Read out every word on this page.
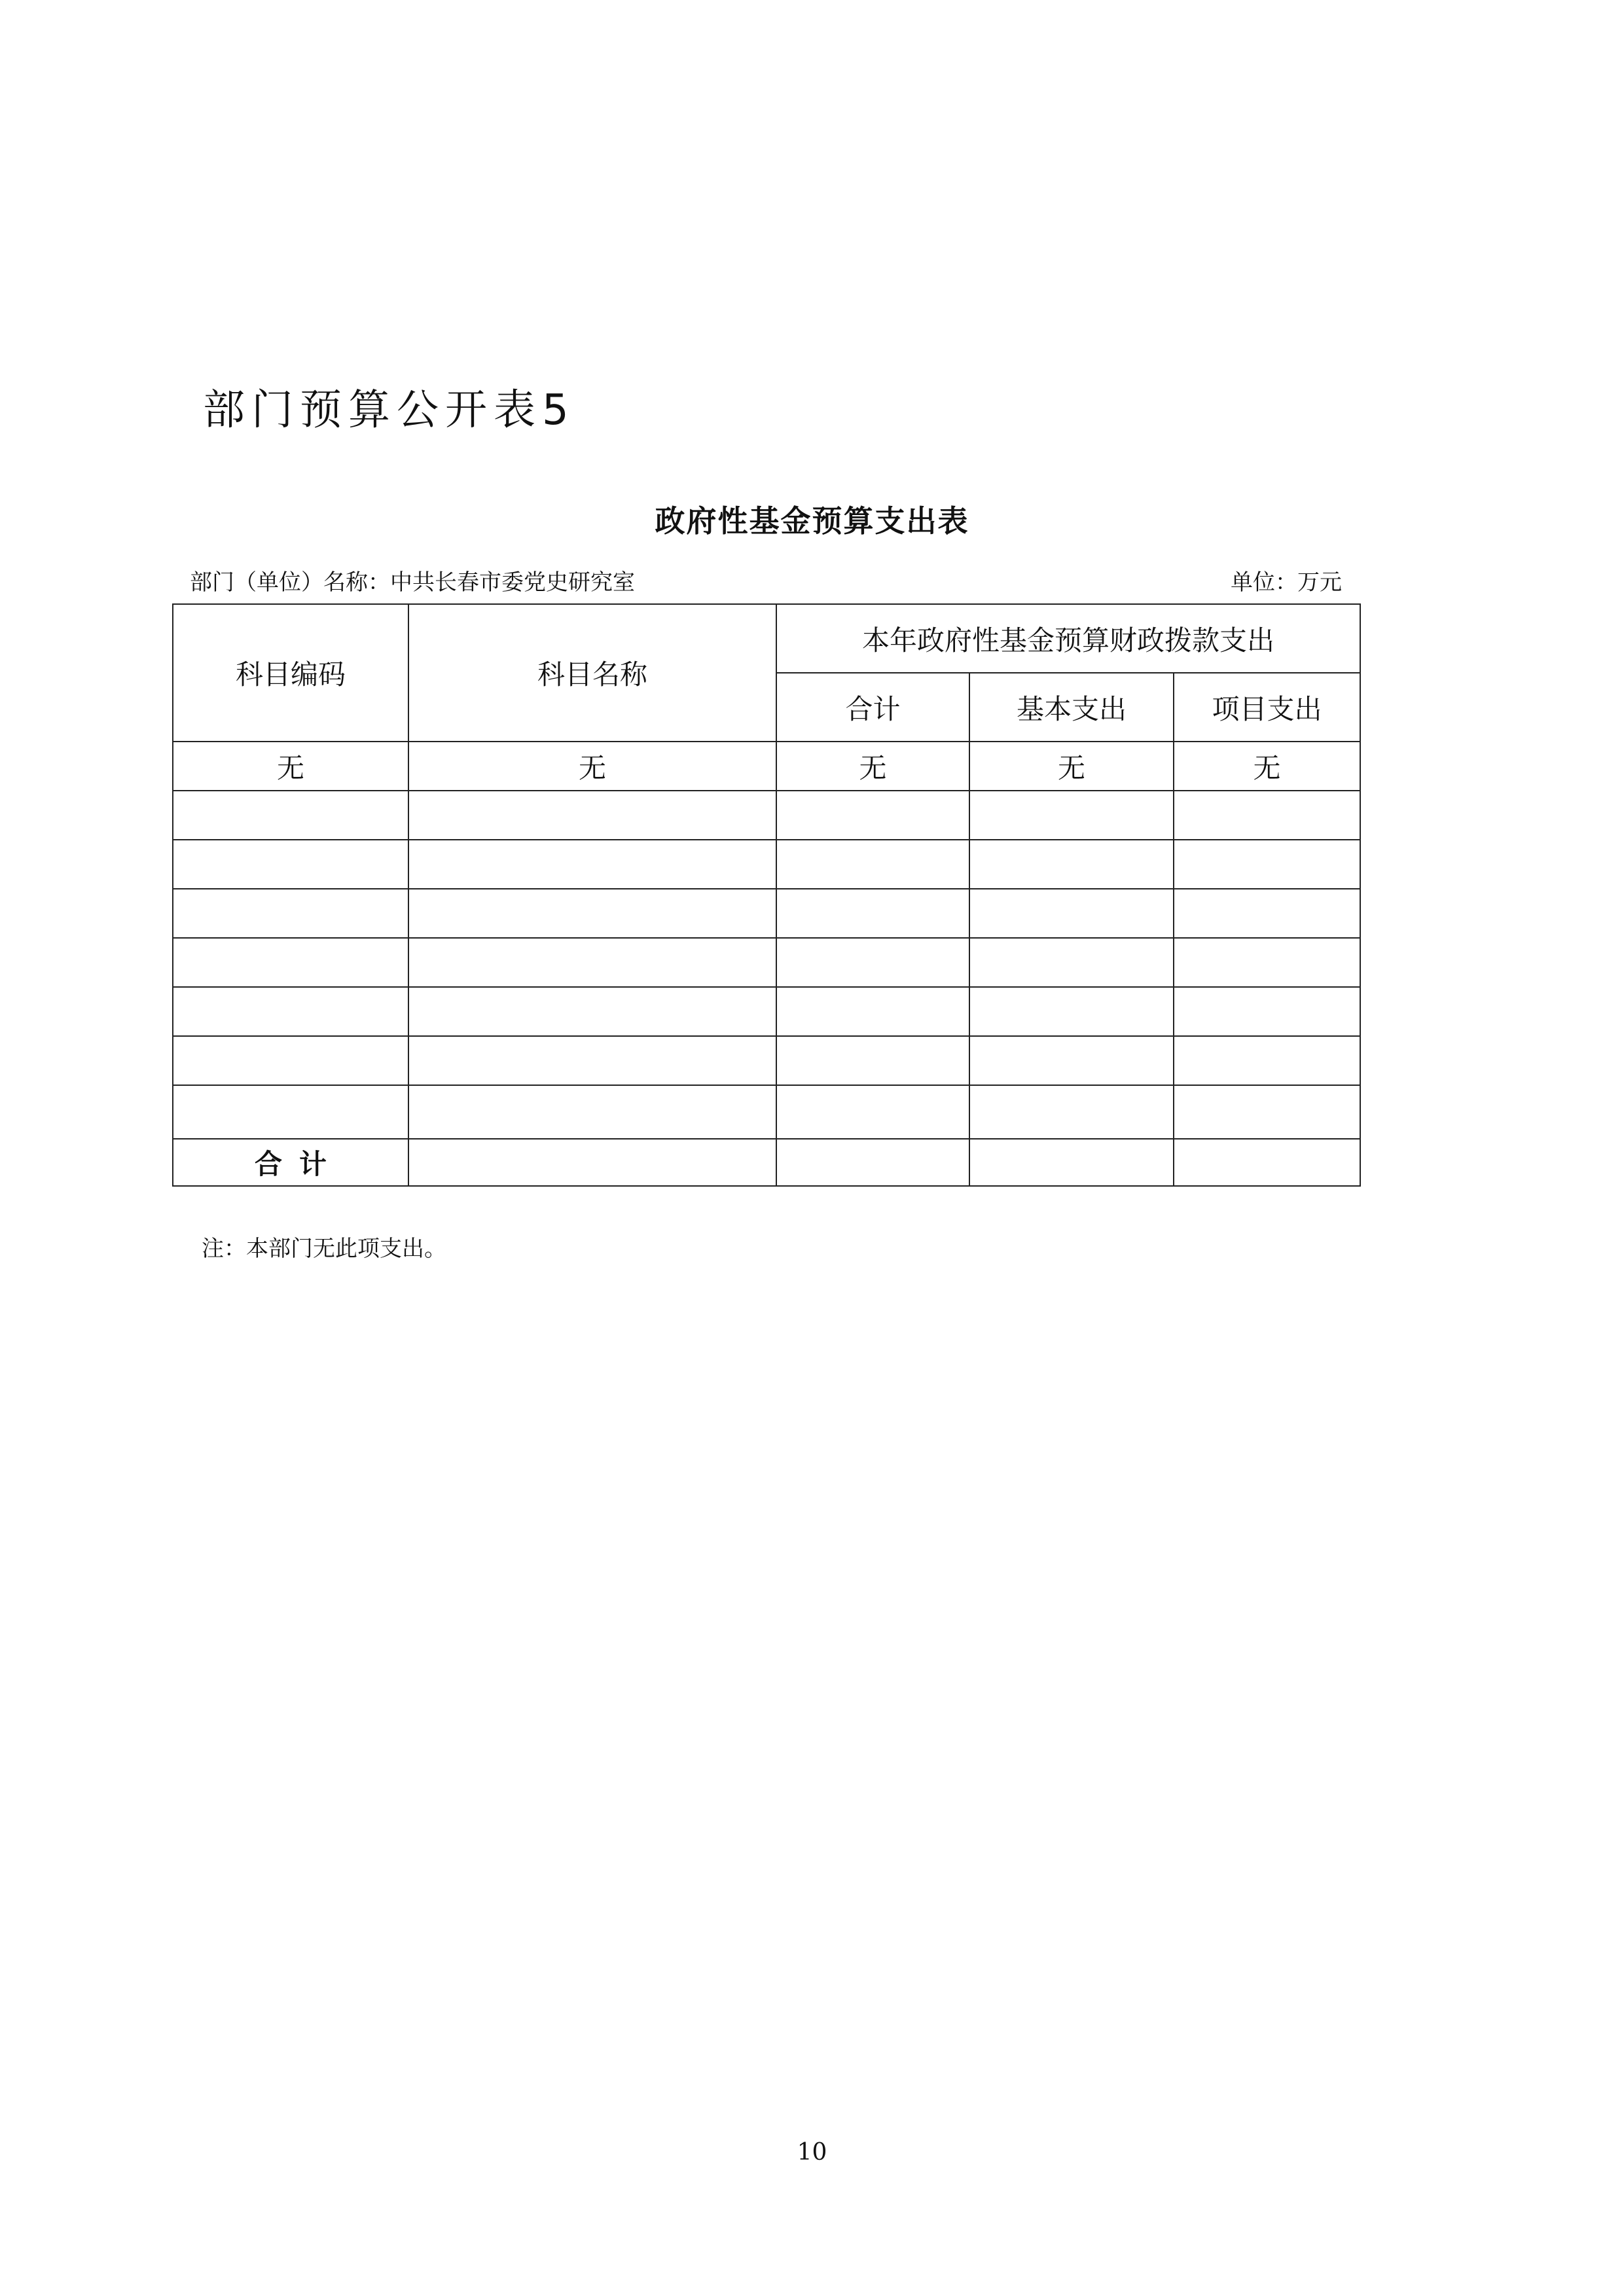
部门预算公开表5
政府性基金预算支出表
部门（单位）名称：中共长春市委党史研究室	单位：万元
科目编码	科目名称	本年政府性基金预算财政拨款支出		
		合计	基本支出	项目支出
无	无	无	无	无

合计				
注：本部门无此项支出。
10
